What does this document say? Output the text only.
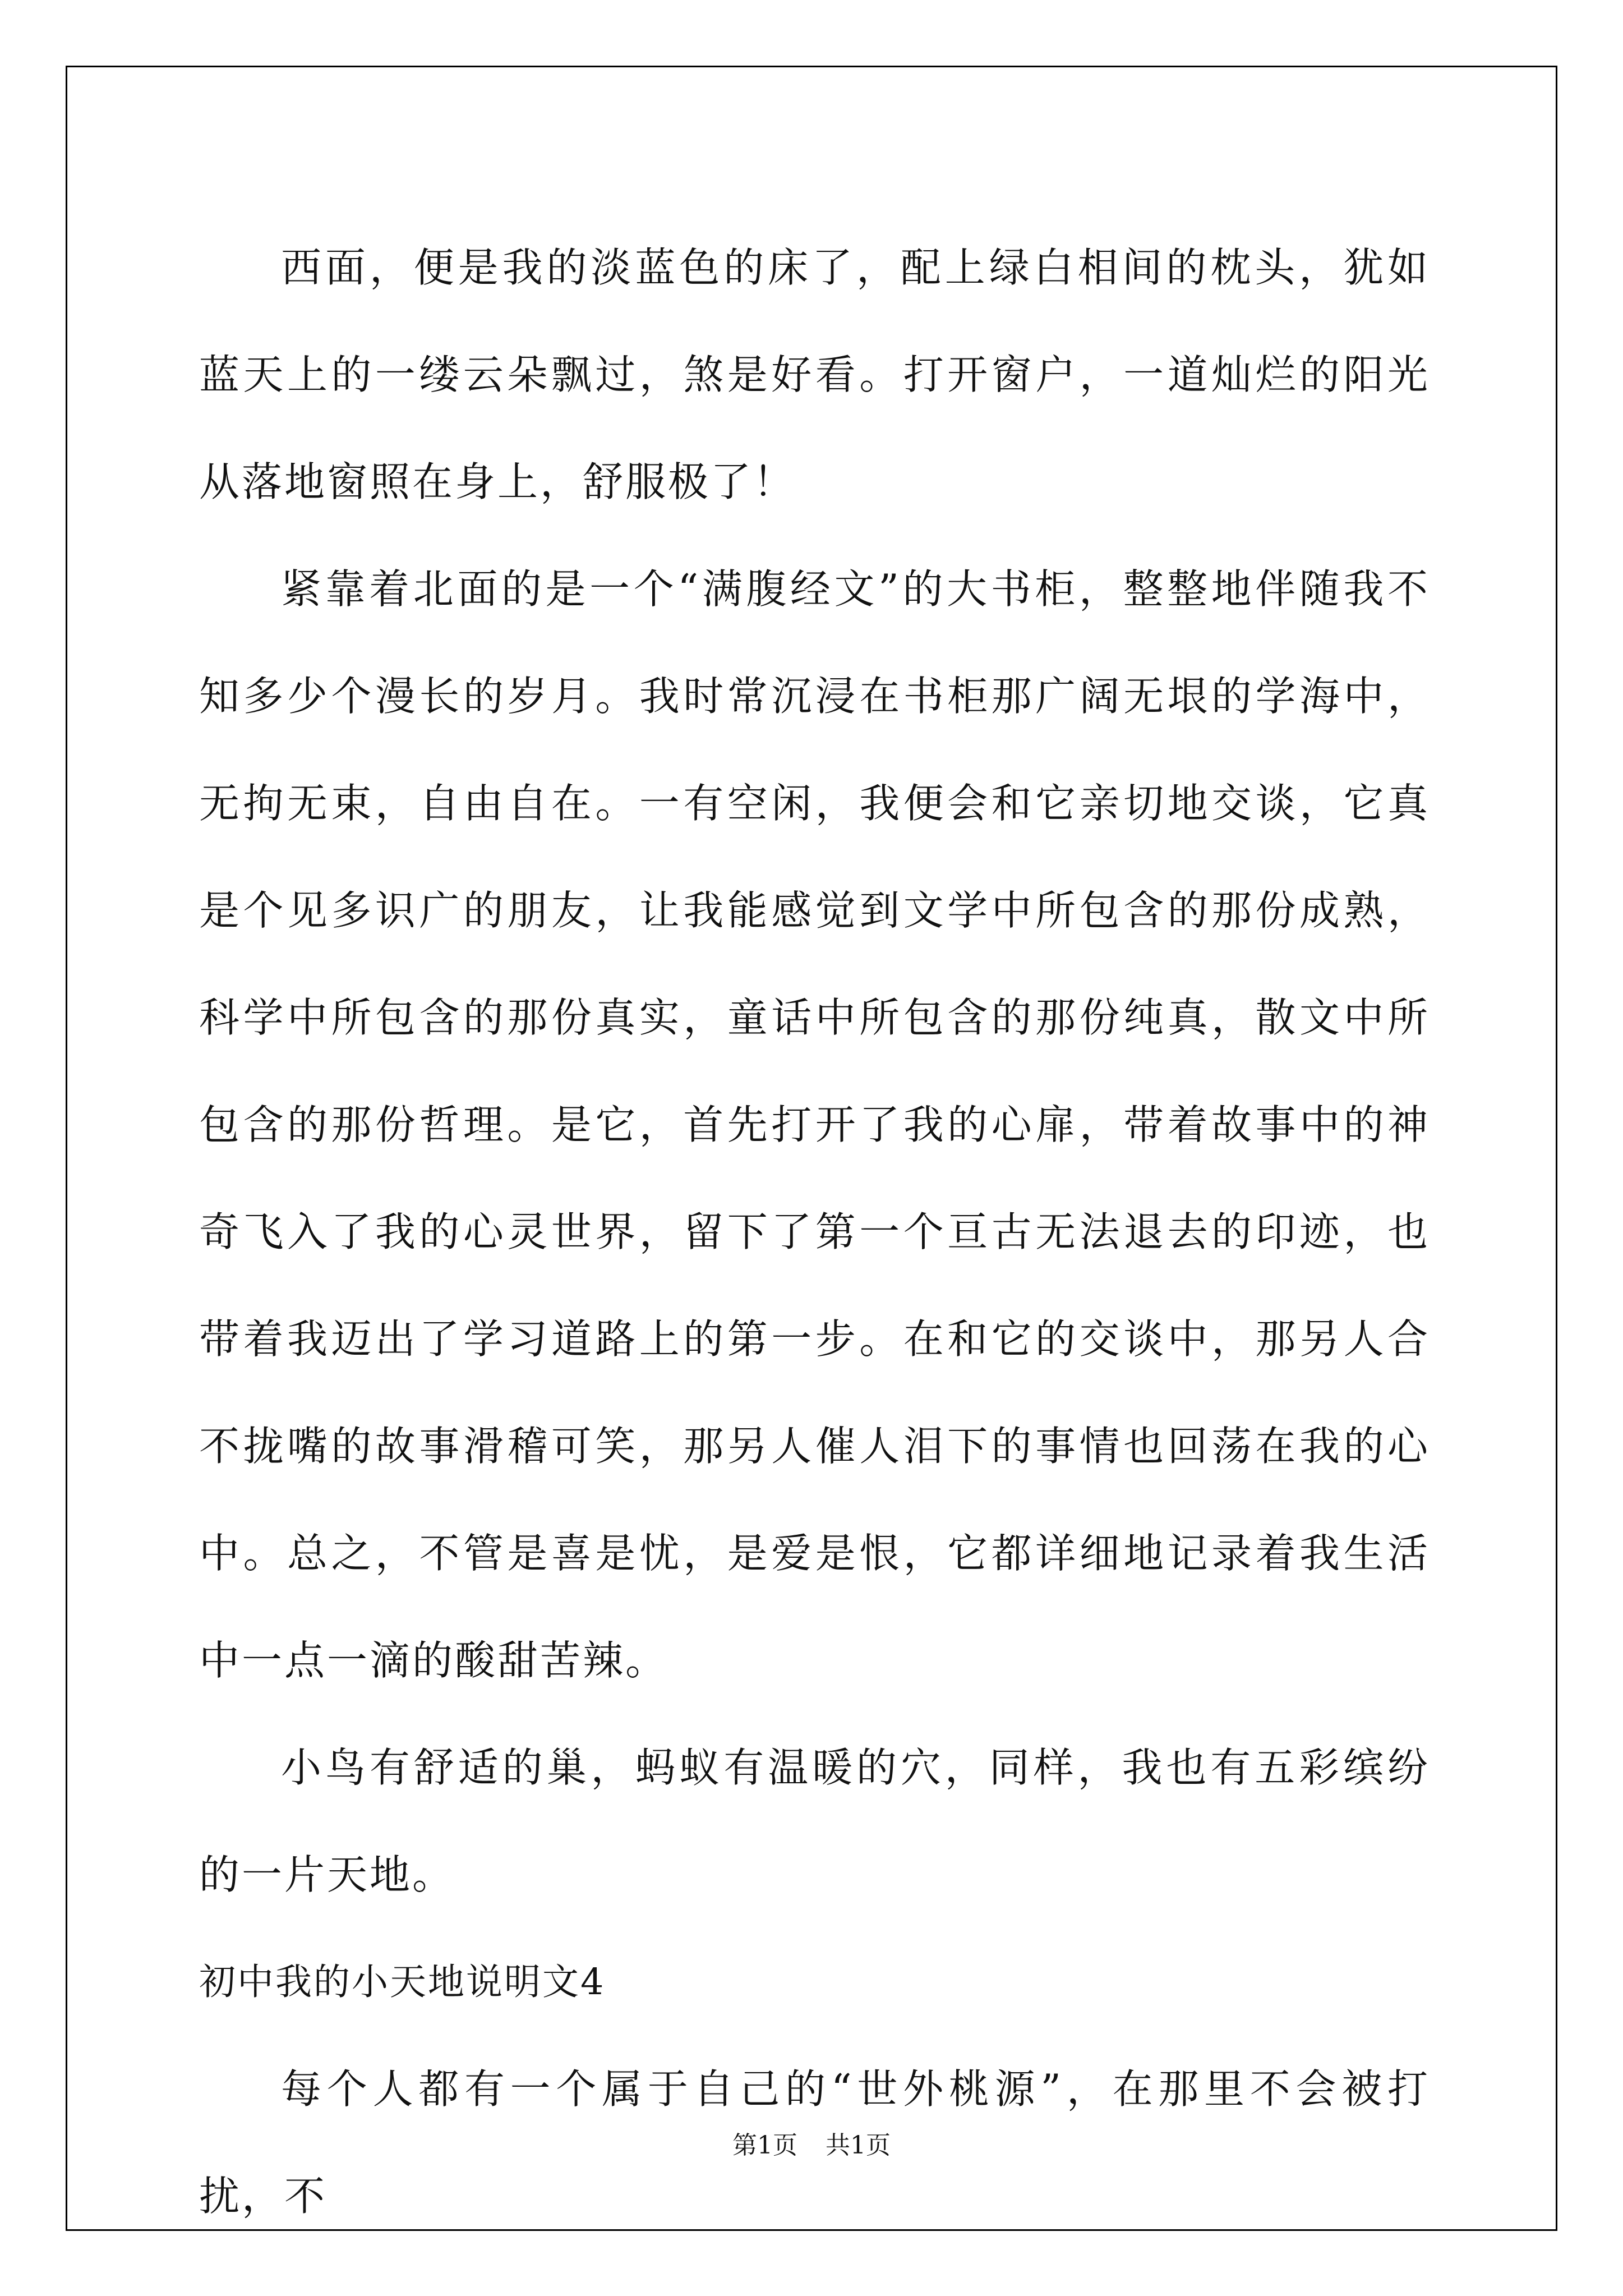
西面，便是我的淡蓝色的床了，配上绿白相间的枕头，犹如蓝天上的一缕云朵飘过，煞是好看。打开窗户，一道灿烂的阳光从落地窗照在身上，舒服极了！

紧靠着北面的是一个“满腹经文”的大书柜，整整地伴随我不知多少个漫长的岁月。我时常沉浸在书柜那广阔无垠的学海中，无拘无束，自由自在。一有空闲，我便会和它亲切地交谈，它真是个见多识广的朋友，让我能感觉到文学中所包含的那份成熟，科学中所包含的那份真实，童话中所包含的那份纯真，散文中所包含的那份哲理。是它，首先打开了我的心扉，带着故事中的神奇飞入了我的心灵世界，留下了第一个亘古无法退去的印迹，也带着我迈出了学习道路上的第一步。在和它的交谈中，那另人合不拢嘴的故事滑稽可笑，那另人催人泪下的事情也回荡在我的心中。总之，不管是喜是忧，是爱是恨，它都详细地记录着我生活中一点一滴的酸甜苦辣。

小鸟有舒适的巢，蚂蚁有温暖的穴，同样，我也有五彩缤纷的一片天地。

初中我的小天地说明文4

每个人都有一个属于自己的“世外桃源”，在那里不会被打扰，不

第1页 共1页
